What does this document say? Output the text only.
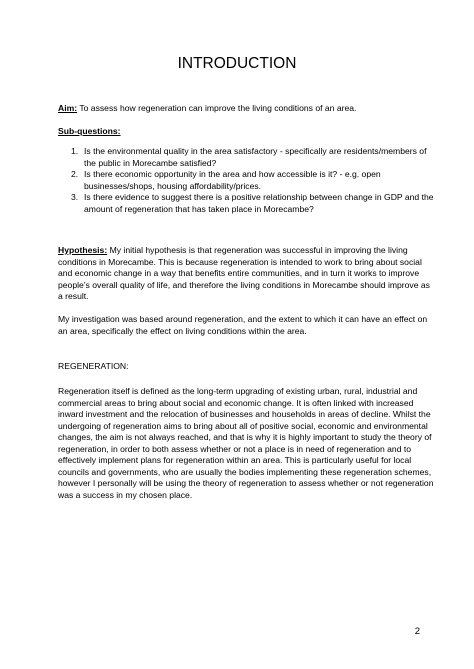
INTRODUCTION

Aim: To assess how regeneration can improve the living conditions of an area.

Sub-questions:

1. Is the environmental quality in the area satisfactory - specifically are residents/members of the public in Morecambe satisfied?
2. Is there economic opportunity in the area and how accessible is it? - e.g. open businesses/shops, housing affordability/prices.
3. Is there evidence to suggest there is a positive relationship between change in GDP and the amount of regeneration that has taken place in Morecambe?

Hypothesis: My initial hypothesis is that regeneration was successful in improving the living conditions in Morecambe. This is because regeneration is intended to work to bring about social and economic change in a way that benefits entire communities, and in turn it works to improve people’s overall quality of life, and therefore the living conditions in Morecambe should improve as a result.

My investigation was based around regeneration, and the extent to which it can have an effect on an area, specifically the effect on living conditions within the area.

REGENERATION:

Regeneration itself is defined as the long-term upgrading of existing urban, rural, industrial and commercial areas to bring about social and economic change. It is often linked with increased inward investment and the relocation of businesses and households in areas of decline. Whilst the undergoing of regeneration aims to bring about all of positive social, economic and environmental changes, the aim is not always reached, and that is why it is highly important to study the theory of regeneration, in order to both assess whether or not a place is in need of regeneration and to effectively implement plans for regeneration within an area. This is particularly useful for local councils and governments, who are usually the bodies implementing these regeneration schemes, however I personally will be using the theory of regeneration to assess whether or not regeneration was a success in my chosen place.

2
